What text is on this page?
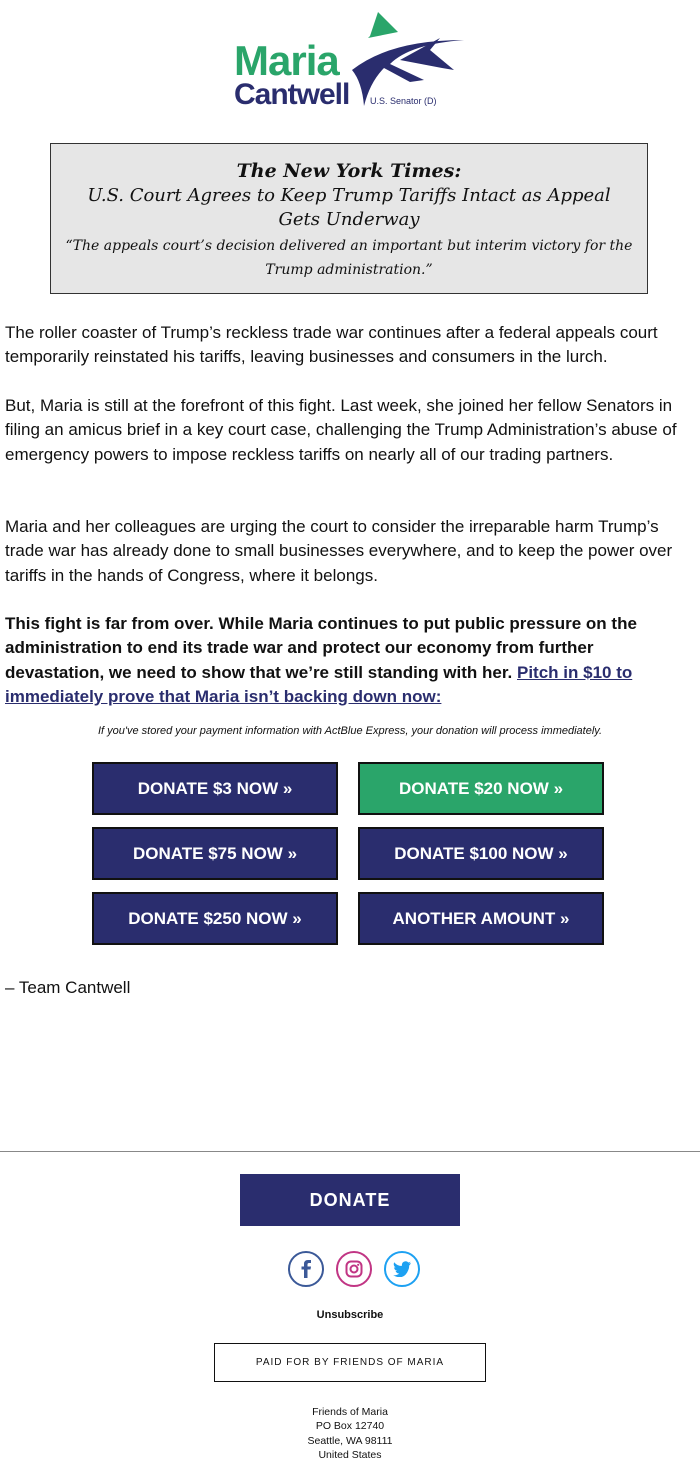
Maria
Cantwell U.S. Senator (D)
The New York Times:
U.S. Court Agrees to Keep Trump Tariffs Intact as Appeal Gets Underway
“The appeals court’s decision delivered an important but interim victory for the Trump administration.”

The roller coaster of Trump’s reckless trade war continues after a federal appeals court temporarily reinstated his tariffs, leaving businesses and consumers in the lurch.

But, Maria is still at the forefront of this fight. Last week, she joined her fellow Senators in filing an amicus brief in a key court case, challenging the Trump Administration’s abuse of emergency powers to impose reckless tariffs on nearly all of our trading partners.

Maria and her colleagues are urging the court to consider the irreparable harm Trump’s trade war has already done to small businesses everywhere, and to keep the power over tariffs in the hands of Congress, where it belongs.

This fight is far from over. While Maria continues to put public pressure on the administration to end its trade war and protect our economy from further devastation, we need to show that we’re still standing with her. Pitch in $10 to immediately prove that Maria isn’t backing down now:

If you've stored your payment information with ActBlue Express, your donation will process immediately.
DONATE $3 NOW »	DONATE $20 NOW »
DONATE $75 NOW »	DONATE $100 NOW »
DONATE $250 NOW »	ANOTHER AMOUNT »
– Team Cantwell
DONATE
Unsubscribe
PAID FOR BY FRIENDS OF MARIA
Friends of Maria
PO Box 12740
Seattle, WA 98111
United States
